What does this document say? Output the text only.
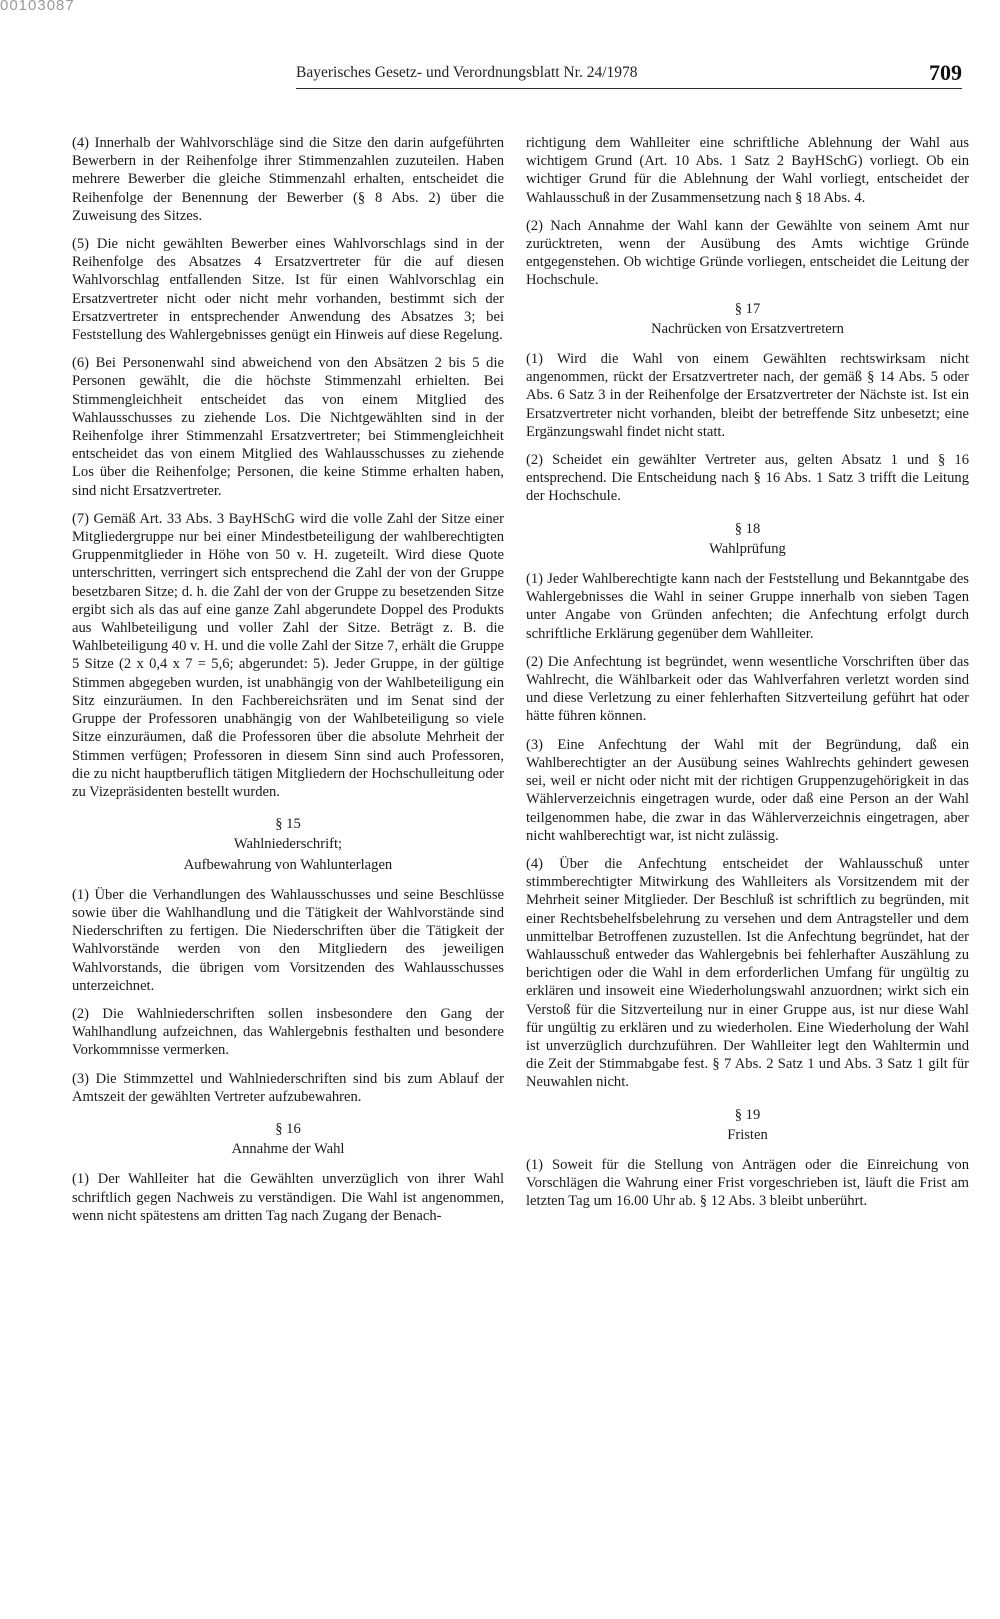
00103087
Bayerisches Gesetz- und Verordnungsblatt Nr. 24/1978	709

(4) Innerhalb der Wahlvorschläge sind die Sitze den darin aufgeführten Bewerbern in der Reihenfolge ihrer Stimmenzahlen zuzuteilen. Haben mehrere Bewerber die gleiche Stimmenzahl erhalten, entscheidet die Reihenfolge der Benennung der Bewerber (§ 8 Abs. 2) über die Zuweisung des Sitzes.

(5) Die nicht gewählten Bewerber eines Wahlvorschlags sind in der Reihenfolge des Absatzes 4 Ersatzvertreter für die auf diesen Wahlvorschlag entfallenden Sitze. Ist für einen Wahlvorschlag ein Ersatzvertreter nicht oder nicht mehr vorhanden, bestimmt sich der Ersatzvertreter in entsprechender Anwendung des Absatzes 3; bei Feststellung des Wahlergebnisses genügt ein Hinweis auf diese Regelung.

(6) Bei Personenwahl sind abweichend von den Absätzen 2 bis 5 die Personen gewählt, die die höchste Stimmenzahl erhielten. Bei Stimmengleichheit entscheidet das von einem Mitglied des Wahlausschusses zu ziehende Los. Die Nichtgewählten sind in der Reihenfolge ihrer Stimmenzahl Ersatzvertreter; bei Stimmengleichheit entscheidet das von einem Mitglied des Wahlausschusses zu ziehende Los über die Reihenfolge; Personen, die keine Stimme erhalten haben, sind nicht Ersatzvertreter.

(7) Gemäß Art. 33 Abs. 3 BayHSchG wird die volle Zahl der Sitze einer Mitgliedergruppe nur bei einer Mindestbeteiligung der wahlberechtigten Gruppenmitglieder in Höhe von 50 v. H. zugeteilt. Wird diese Quote unterschritten, verringert sich entsprechend die Zahl der von der Gruppe besetzbaren Sitze; d. h. die Zahl der von der Gruppe zu besetzenden Sitze ergibt sich als das auf eine ganze Zahl abgerundete Doppel des Produkts aus Wahlbeteiligung und voller Zahl der Sitze. Beträgt z. B. die Wahlbeteiligung 40 v. H. und die volle Zahl der Sitze 7, erhält die Gruppe 5 Sitze (2 x 0,4 x 7 = 5,6; abgerundet: 5). Jeder Gruppe, in der gültige Stimmen abgegeben wurden, ist unabhängig von der Wahlbeteiligung ein Sitz einzuräumen. In den Fachbereichsräten und im Senat sind der Gruppe der Professoren unabhängig von der Wahlbeteiligung so viele Sitze einzuräumen, daß die Professoren über die absolute Mehrheit der Stimmen verfügen; Professoren in diesem Sinn sind auch Professoren, die zu nicht hauptberuflich tätigen Mitgliedern der Hochschulleitung oder zu Vizepräsidenten bestellt wurden.

§ 15
Wahlniederschrift;
Aufbewahrung von Wahlunterlagen

(1) Über die Verhandlungen des Wahlausschusses und seine Beschlüsse sowie über die Wahlhandlung und die Tätigkeit der Wahlvorstände sind Niederschriften zu fertigen. Die Niederschriften über die Tätigkeit der Wahlvorstände werden von den Mitgliedern des jeweiligen Wahlvorstands, die übrigen vom Vorsitzenden des Wahlausschusses unterzeichnet.

(2) Die Wahlniederschriften sollen insbesondere den Gang der Wahlhandlung aufzeichnen, das Wahlergebnis festhalten und besondere Vorkommnisse vermerken.

(3) Die Stimmzettel und Wahlniederschriften sind bis zum Ablauf der Amtszeit der gewählten Vertreter aufzubewahren.

§ 16
Annahme der Wahl

(1) Der Wahlleiter hat die Gewählten unverzüglich von ihrer Wahl schriftlich gegen Nachweis zu verständigen. Die Wahl ist angenommen, wenn nicht spätestens am dritten Tag nach Zugang der Benach-

richtigung dem Wahlleiter eine schriftliche Ablehnung der Wahl aus wichtigem Grund (Art. 10 Abs. 1 Satz 2 BayHSchG) vorliegt. Ob ein wichtiger Grund für die Ablehnung der Wahl vorliegt, entscheidet der Wahlausschuß in der Zusammensetzung nach § 18 Abs. 4.

(2) Nach Annahme der Wahl kann der Gewählte von seinem Amt nur zurücktreten, wenn der Ausübung des Amts wichtige Gründe entgegenstehen. Ob wichtige Gründe vorliegen, entscheidet die Leitung der Hochschule.

§ 17
Nachrücken von Ersatzvertretern

(1) Wird die Wahl von einem Gewählten rechtswirksam nicht angenommen, rückt der Ersatzvertreter nach, der gemäß § 14 Abs. 5 oder Abs. 6 Satz 3 in der Reihenfolge der Ersatzvertreter der Nächste ist. Ist ein Ersatzvertreter nicht vorhanden, bleibt der betreffende Sitz unbesetzt; eine Ergänzungswahl findet nicht statt.

(2) Scheidet ein gewählter Vertreter aus, gelten Absatz 1 und § 16 entsprechend. Die Entscheidung nach § 16 Abs. 1 Satz 3 trifft die Leitung der Hochschule.

§ 18
Wahlprüfung

(1) Jeder Wahlberechtigte kann nach der Feststellung und Bekanntgabe des Wahlergebnisses die Wahl in seiner Gruppe innerhalb von sieben Tagen unter Angabe von Gründen anfechten; die Anfechtung erfolgt durch schriftliche Erklärung gegenüber dem Wahlleiter.

(2) Die Anfechtung ist begründet, wenn wesentliche Vorschriften über das Wahlrecht, die Wählbarkeit oder das Wahlverfahren verletzt worden sind und diese Verletzung zu einer fehlerhaften Sitzverteilung geführt hat oder hätte führen können.

(3) Eine Anfechtung der Wahl mit der Begründung, daß ein Wahlberechtigter an der Ausübung seines Wahlrechts gehindert gewesen sei, weil er nicht oder nicht mit der richtigen Gruppenzugehörigkeit in das Wählerverzeichnis eingetragen wurde, oder daß eine Person an der Wahl teilgenommen habe, die zwar in das Wählerverzeichnis eingetragen, aber nicht wahlberechtigt war, ist nicht zulässig.

(4) Über die Anfechtung entscheidet der Wahlausschuß unter stimmberechtigter Mitwirkung des Wahlleiters als Vorsitzendem mit der Mehrheit seiner Mitglieder. Der Beschluß ist schriftlich zu begründen, mit einer Rechtsbehelfsbelehrung zu versehen und dem Antragsteller und dem unmittelbar Betroffenen zuzustellen. Ist die Anfechtung begründet, hat der Wahlausschuß entweder das Wahlergebnis bei fehlerhafter Auszählung zu berichtigen oder die Wahl in dem erforderlichen Umfang für ungültig zu erklären und insoweit eine Wiederholungswahl anzuordnen; wirkt sich ein Verstoß für die Sitzverteilung nur in einer Gruppe aus, ist nur diese Wahl für ungültig zu erklären und zu wiederholen. Eine Wiederholung der Wahl ist unverzüglich durchzuführen. Der Wahlleiter legt den Wahltermin und die Zeit der Stimmabgabe fest. § 7 Abs. 2 Satz 1 und Abs. 3 Satz 1 gilt für Neuwahlen nicht.

§ 19
Fristen

(1) Soweit für die Stellung von Anträgen oder die Einreichung von Vorschlägen die Wahrung einer Frist vorgeschrieben ist, läuft die Frist am letzten Tag um 16.00 Uhr ab. § 12 Abs. 3 bleibt unberührt.
